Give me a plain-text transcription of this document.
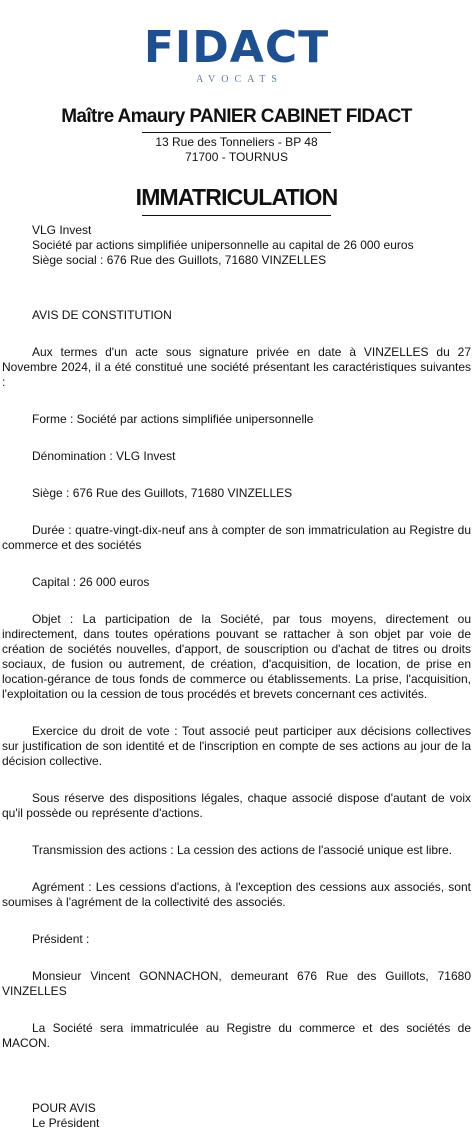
FIDACT
AVOCATS
Maître Amaury PANIER CABINET FIDACT
13 Rue des Tonneliers - BP 48
71700 - TOURNUS
IMMATRICULATION

VLG Invest

Société par actions simplifiée unipersonnelle au capital de 26 000 euros

Siège social : 676 Rue des Guillots, 71680 VINZELLES

AVIS DE CONSTITUTION

Aux termes d'un acte sous signature privée en date à VINZELLES du 27 Novembre 2024, il a été constitué une société présentant les caractéristiques suivantes :

Forme : Société par actions simplifiée unipersonnelle

Dénomination : VLG Invest

Siège : 676 Rue des Guillots, 71680 VINZELLES

Durée : quatre-vingt-dix-neuf ans à compter de son immatriculation au Registre du commerce et des sociétés

Capital : 26 000 euros

Objet : La participation de la Société, par tous moyens, directement ou indirectement, dans toutes opérations pouvant se rattacher à son objet par voie de création de sociétés nouvelles, d'apport, de souscription ou d'achat de titres ou droits sociaux, de fusion ou autrement, de création, d'acquisition, de location, de prise en location-gérance de tous fonds de commerce ou établissements. La prise, l'acquisition, l'exploitation ou la cession de tous procédés et brevets concernant ces activités.

Exercice du droit de vote : Tout associé peut participer aux décisions collectives sur justification de son identité et de l'inscription en compte de ses actions au jour de la décision collective.

Sous réserve des dispositions légales, chaque associé dispose d'autant de voix qu'il possède ou représente d'actions.

Transmission des actions : La cession des actions de l'associé unique est libre.

Agrément : Les cessions d'actions, à l'exception des cessions aux associés, sont soumises à l'agrément de la collectivité des associés.

Président :

Monsieur Vincent GONNACHON, demeurant 676 Rue des Guillots, 71680 VINZELLES

La Société sera immatriculée au Registre du commerce et des sociétés de MACON.

POUR AVIS

Le Président
